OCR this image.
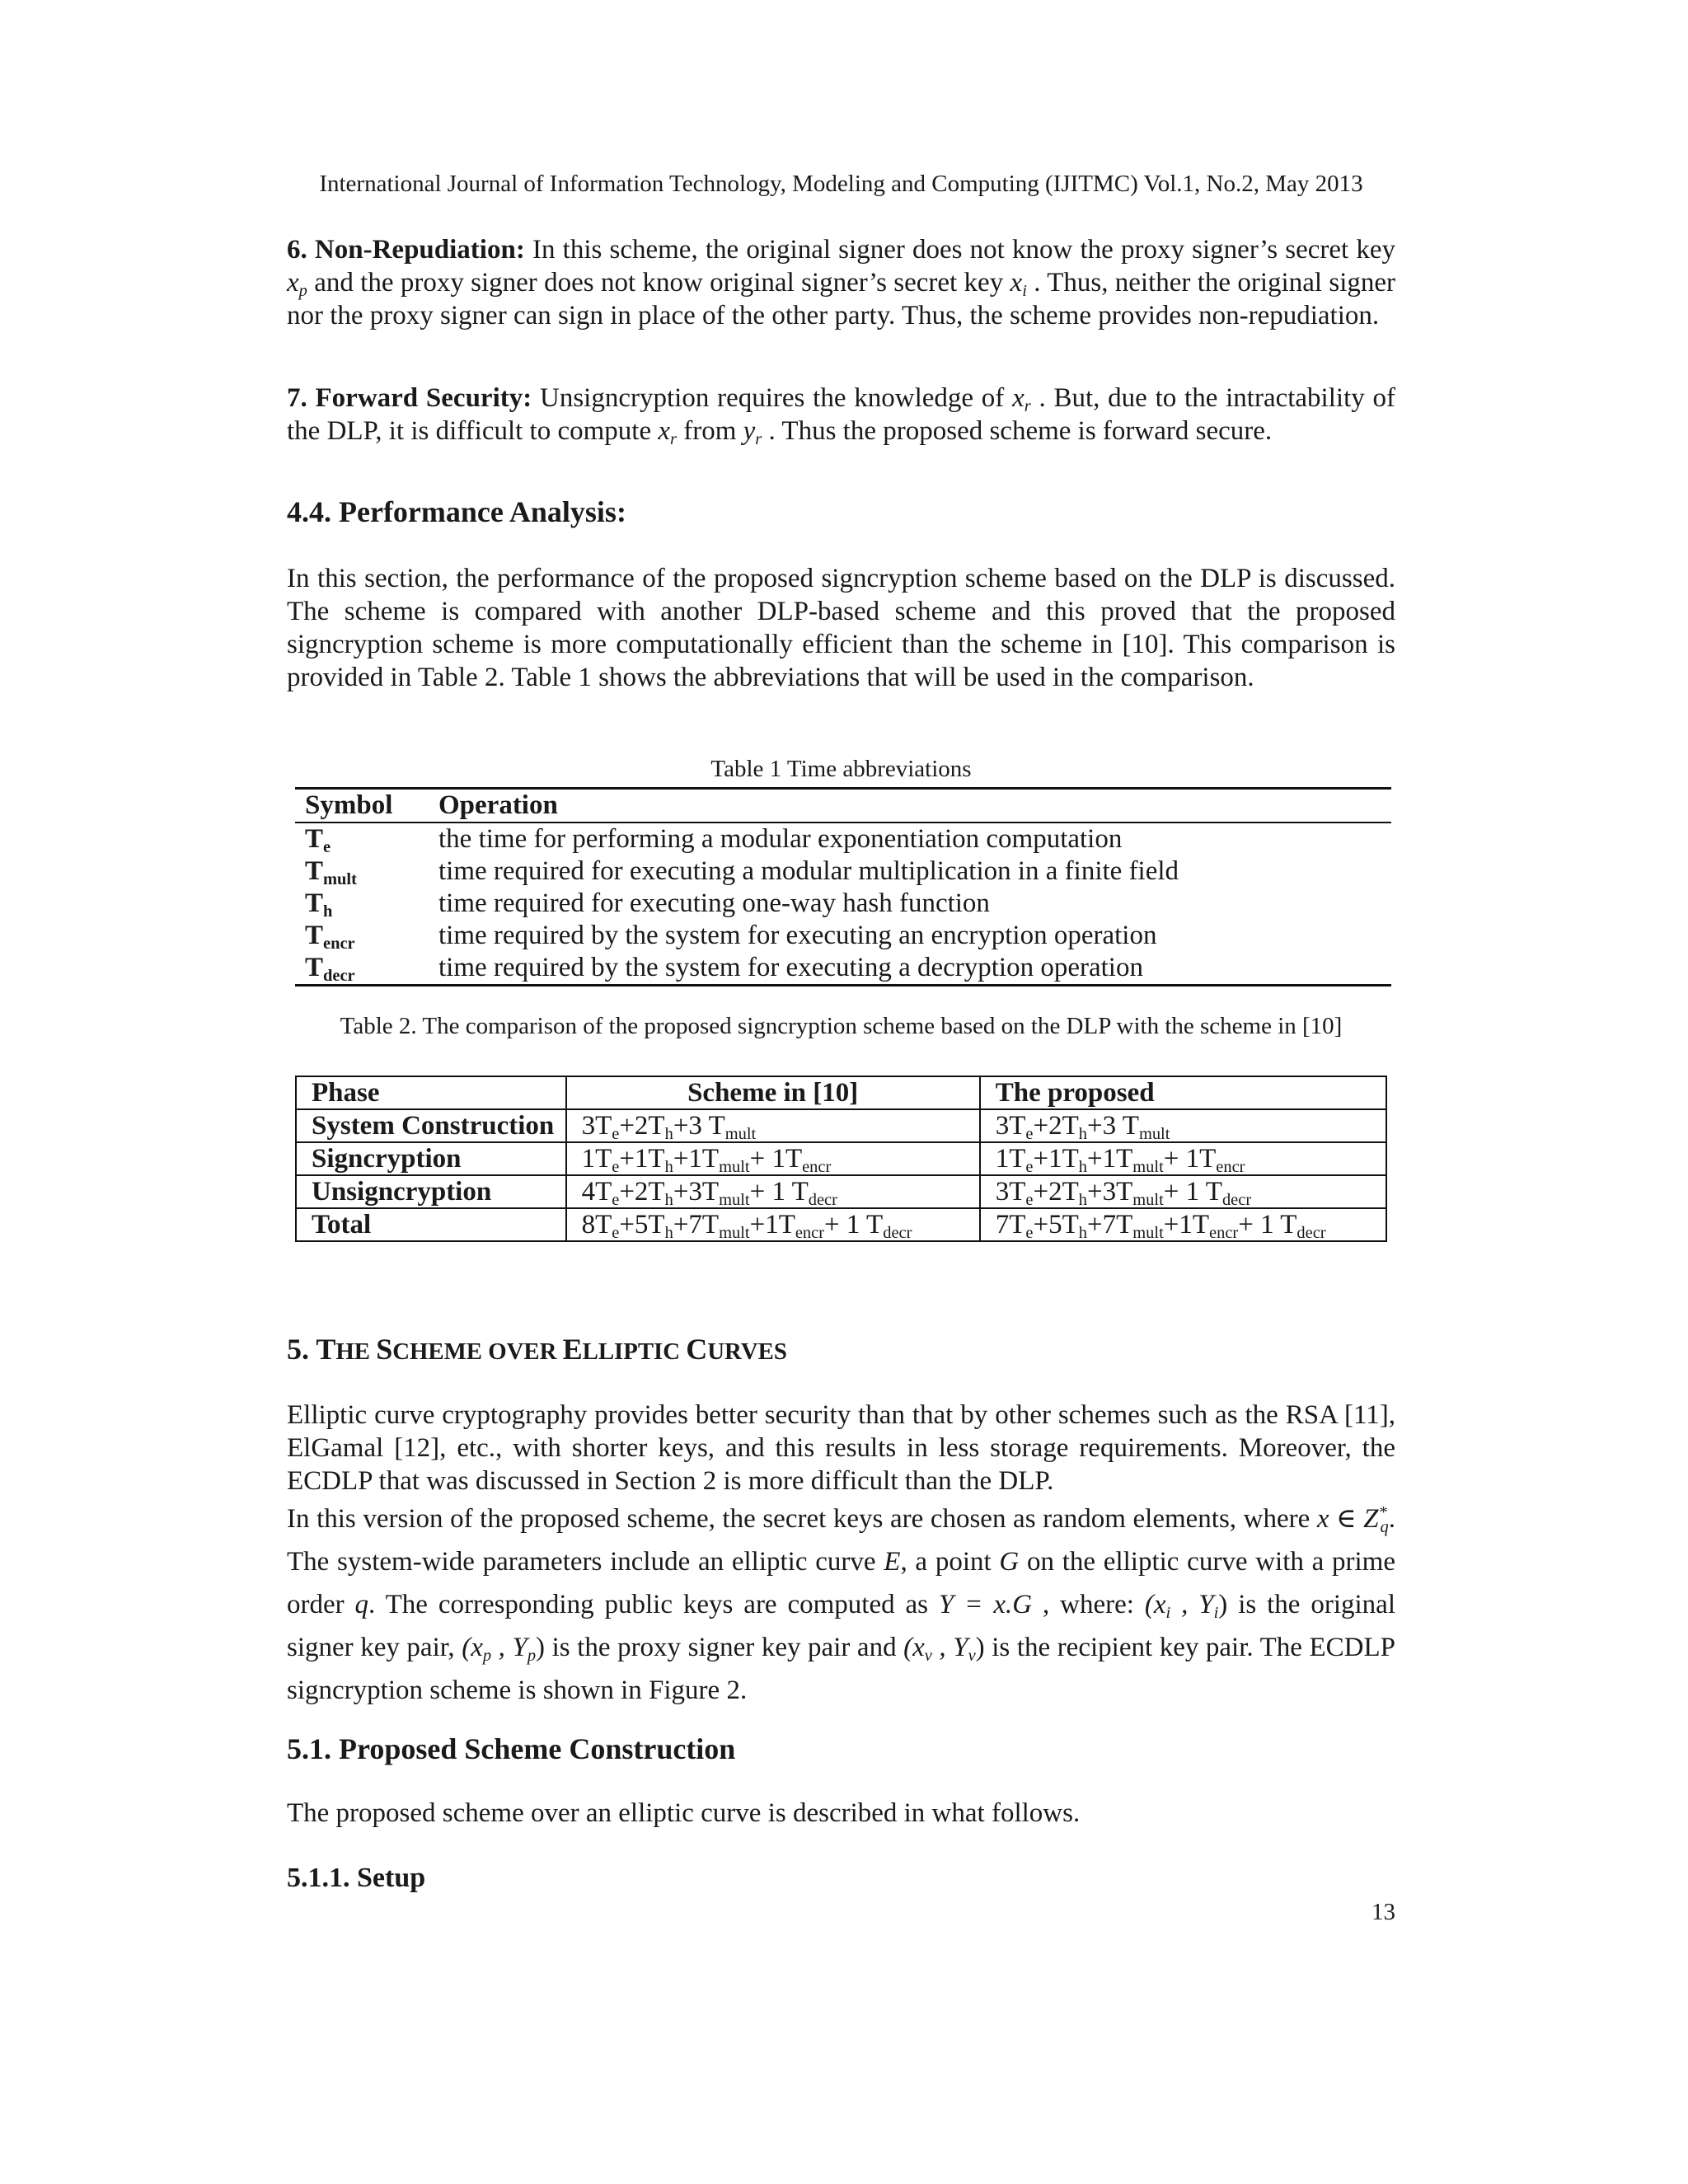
International Journal of Information Technology, Modeling and Computing (IJITMC) Vol.1, No.2, May 2013

6. Non-Repudiation: In this scheme, the original signer does not know the proxy signer’s secret key $x_p$ and the proxy signer does not know original signer’s secret key $x_i$ . Thus, neither the original signer nor the proxy signer can sign in place of the other party. Thus, the scheme provides non-repudiation.

7. Forward Security: Unsigncryption requires the knowledge of $x_r$ . But, due to the intractability of the DLP, it is difficult to compute $x_r$ from $y_r$ . Thus the proposed scheme is forward secure.

4.4. Performance Analysis:

In this section, the performance of the proposed signcryption scheme based on the DLP is discussed. The scheme is compared with another DLP-based scheme and this proved that the proposed signcryption scheme is more computationally efficient than the scheme in [10]. This comparison is provided in Table 2. Table 1 shows the abbreviations that will be used in the comparison.

Table 1 Time abbreviations
Symbol	Operation
$T_e$	the time for performing a modular exponentiation computation
$T_{mult}$	time required for executing a modular multiplication in a finite field
$T_h$	time required for executing one-way hash function
$T_{encr}$	time required by the system for executing an encryption operation
$T_{decr}$	time required by the system for executing a decryption operation
Table 2. The comparison of the proposed signcryption scheme based on the DLP with the scheme in [10]
Phase	Scheme in [10]	The proposed
System Construction	$3T_e+2T_h+3$ $T_{mult}$	$3T_e+2T_h+3$ $T_{mult}$
Signcryption	$1T_e+1T_h+1T_{mult}+ 1T_{encr}$	$1T_e+1T_h+1T_{mult}+ 1T_{encr}$
Unsigncryption	$4T_e+2T_h+3T_{mult}+ 1$ $T_{decr}$	$3T_e+2T_h+3T_{mult}+ 1$ $T_{decr}$
Total	$8T_e+5T_h+7T_{mult}+1T_{encr}+ 1$ $T_{decr}$	$7T_e+5T_h+7T_{mult}+1T_{encr}+ 1$ $T_{decr}$
5. THE SCHEME OVER ELLIPTIC CURVES

Elliptic curve cryptography provides better security than that by other schemes such as the RSA [11], ElGamal [12], etc., with shorter keys, and this results in less storage requirements. Moreover, the ECDLP that was discussed in Section 2 is more difficult than the DLP.

In this version of the proposed scheme, the secret keys are chosen as random elements, where x ∈ $Z^*_q$. The system-wide parameters include an elliptic curve E, a point G on the elliptic curve with a prime order q. The corresponding public keys are computed as Y = x.G , where: ($x_i$ , $Y_i$) is the original signer key pair, ($x_p$ , $Y_p$) is the proxy signer key pair and ($x_v$ , $Y_v$) is the recipient key pair. The ECDLP signcryption scheme is shown in Figure 2.

5.1. Proposed Scheme Construction

The proposed scheme over an elliptic curve is described in what follows.

5.1.1. Setup
13
